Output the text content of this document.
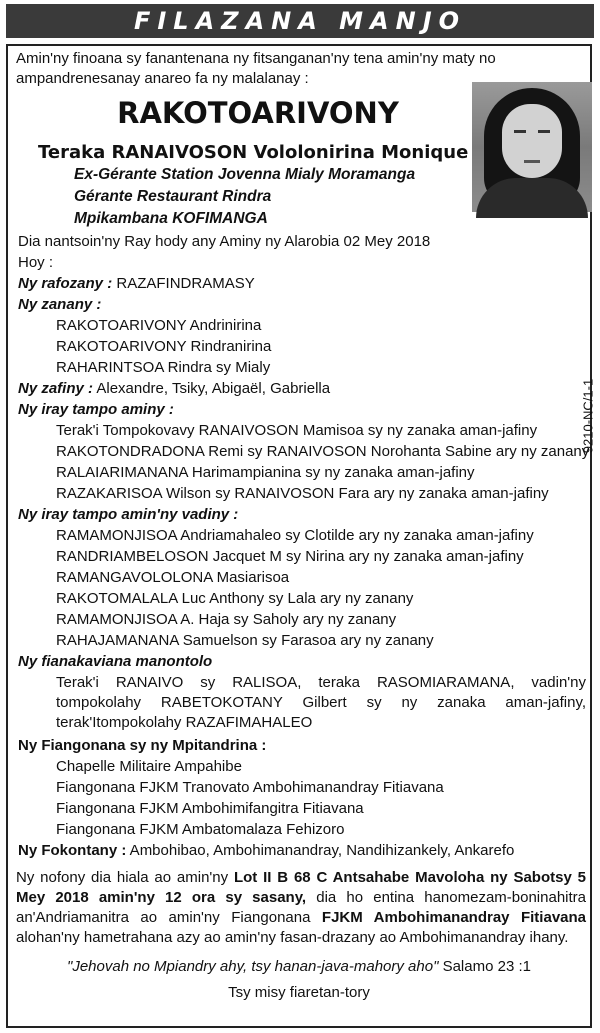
FILAZANA MANJO
Amin'ny finoana sy fanantenana ny fitsanganan'ny tena amin'ny maty no ampandrenesanay anareo fa ny malalanay :
9210-NC/1-1
RAKOTOARIVONY
Teraka RANAIVOSON Vololonirina Monique
Ex-Gérante Station Jovenna Mialy Moramanga
Gérante Restaurant Rindra
Mpikambana KOFIMANGA
Dia nantsoin'ny Ray hody any Aminy ny Alarobia 02 Mey 2018
Hoy :
Ny rafozany : RAZAFINDRAMASY
Ny zanany :
RAKOTOARIVONY Andrinirina
RAKOTOARIVONY Rindranirina
RAHARINTSOA Rindra sy Mialy
Ny zafiny : Alexandre, Tsiky, Abigaël, Gabriella
Ny iray tampo aminy :
Terak'i Tompokovavy RANAIVOSON Mamisoa sy ny zanaka aman-jafiny
RAKOTONDRADONA Remi sy RANAIVOSON Norohanta Sabine ary ny zanany
RALAIARIMANANA Harimampianina sy ny zanaka aman-jafiny
RAZAKARISOA Wilson sy RANAIVOSON Fara ary ny zanaka aman-jafiny
Ny iray tampo amin'ny vadiny :
RAMAMONJISOA Andriamahaleo sy Clotilde ary ny zanaka aman-jafiny
RANDRIAMBELOSON Jacquet M sy Nirina ary ny zanaka aman-jafiny
RAMANGAVOLOLONA Masiarisoa
RAKOTOMALALA Luc Anthony sy Lala ary ny zanany
RAMAMONJISOA A. Haja sy Saholy ary ny zanany
RAHAJAMANANA Samuelson sy Farasoa ary ny zanany
Ny fianakaviana manontolo
Terak'i RANAIVO sy RALISOA, teraka RASOMIARAMANA, vadin'ny tompokolahy RABETOKOTANY Gilbert sy ny zanaka aman-jafiny, terak'Itompokolahy RAZAFIMAHALEO
Ny Fiangonana sy ny Mpitandrina :
Chapelle Militaire Ampahibe
Fiangonana FJKM Tranovato Ambohimanandray Fitiavana
Fiangonana FJKM Ambohimifangitra Fitiavana
Fiangonana FJKM Ambatomalaza Fehizoro
Ny Fokontany : Ambohibao, Ambohimanandray, Nandihizankely, Ankarefo
Ny nofony dia hiala ao amin'ny Lot II B 68 C Antsahabe Mavoloha ny Sabotsy 5 Mey 2018 amin'ny 12 ora sy sasany, dia ho entina hanomezam-boninahitra an'Andriamanitra ao amin'ny Fiangonana FJKM Ambohimanandray Fitiavana alohan'ny hametrahana azy ao amin'ny fasan-drazany ao Ambohimanandray ihany.
"Jehovah no Mpiandry ahy, tsy hanan-java-mahory aho" Salamo 23 :1
Tsy misy fiaretan-tory
